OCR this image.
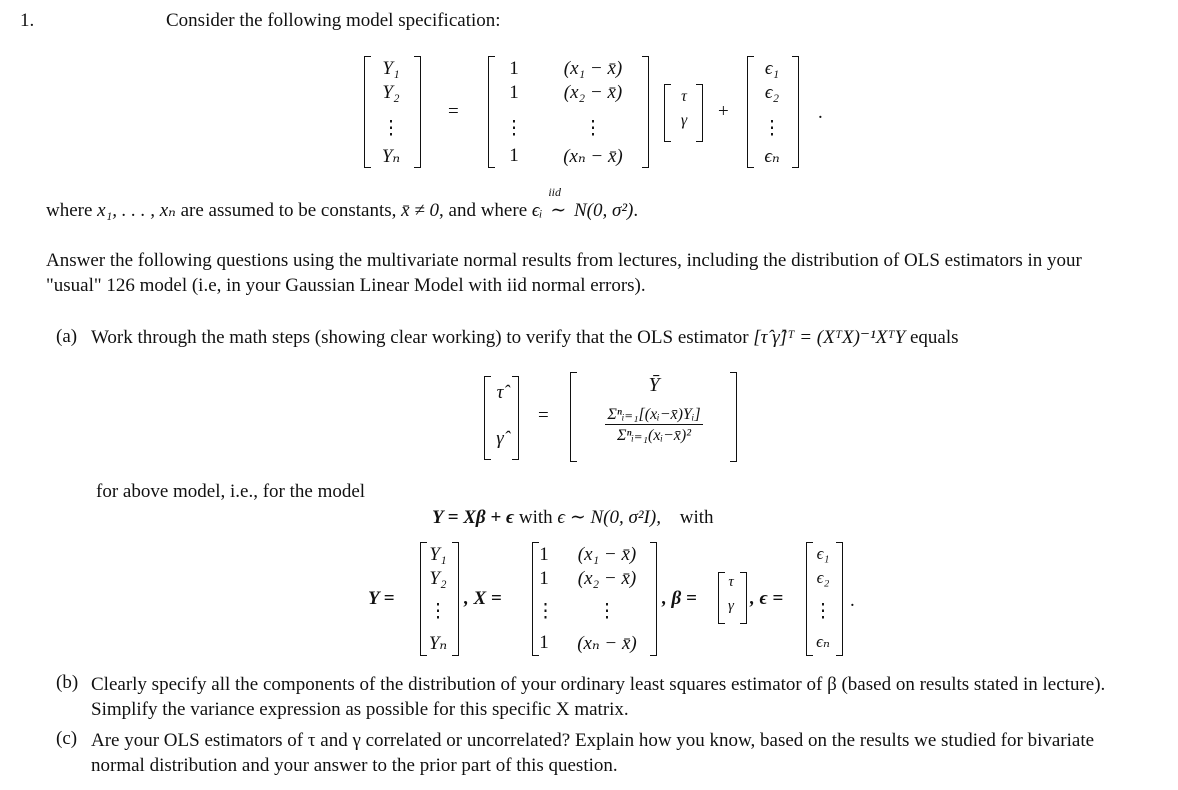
1.	Consider the following model specification:
Y₁
Y₂
⋮
Yₙ
=
1
1
⋮
1
(x₁ − x̄)
(x₂ − x̄)
⋮
(xₙ − x̄)
τ
γ	+
ϵ₁
ϵ₂
⋮
ϵₙ
.
where x₁, . . . , xₙ are assumed to be constants, x̄ ≠ 0, and where ϵᵢ
iid
∼ N(0, σ²).
Answer the following questions using the multivariate normal results from lectures, including the distribution of OLS estimators in your "usual" 126 model (i.e, in your Gaussian Linear Model with iid normal errors).
(a) Work through the math steps (showing clear working) to verify that the OLS estimator [τ̂ γ̂]ᵀ = (XᵀX)⁻¹XᵀY equals
τ̂
γ̂
=
Ȳ
$\frac{\text{Σⁿᵢ₌₁[(xᵢ−x̄)Yᵢ]}}{\text{Σⁿᵢ₌₁(xᵢ−x̄)²}}$
for above model, i.e., for the model
Y = Xβ + ϵ with ϵ ∼ N(0, σ²I), with
Y =
Y₁
Y₂
⋮
Yₙ
, X =
1
1
⋮
1
(x₁ − x̄)
(x₂ − x̄)
⋮
(xₙ − x̄)
, β =
τ
γ , ϵ =
ϵ₁
ϵ₂
⋮
ϵₙ
.
(b) Clearly specify all the components of the distribution of your ordinary least squares estimator of β (based on results stated in lecture). Simplify the variance expression as possible for this specific X matrix.
(c) Are your OLS estimators of τ and γ correlated or uncorrelated? Explain how you know, based on the results we studied for bivariate normal distribution and your answer to the prior part of this question.
